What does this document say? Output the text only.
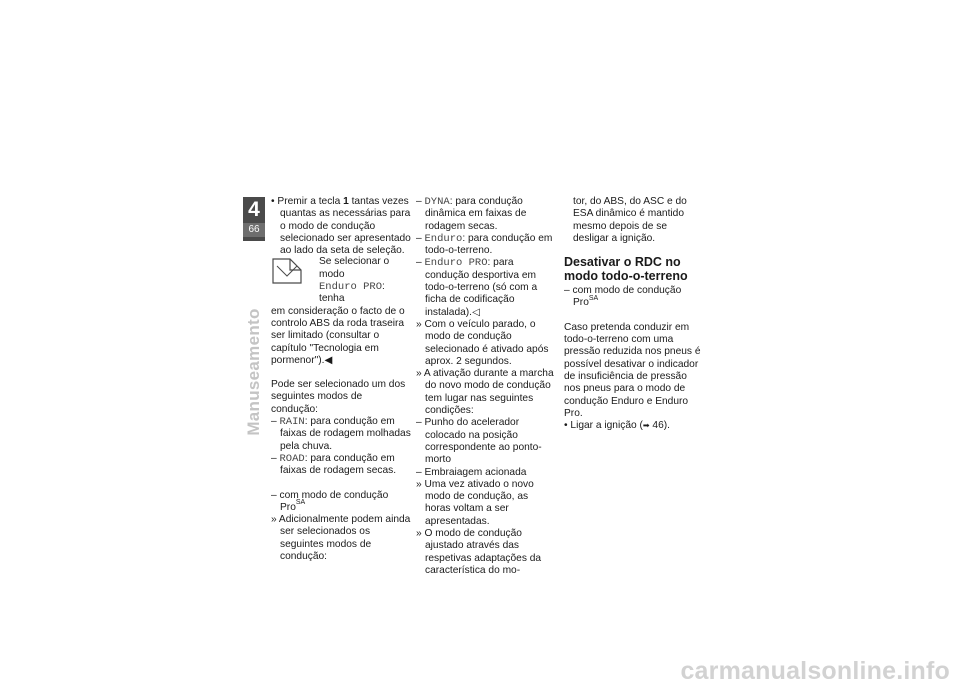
4
66
Manuseamento

• Premir a tecla 1 tantas vezes quantas as necessárias para o modo de condução selecionado ser apresentado ao lado da seta de seleção.

Se selecionar o modo
Enduro PRO: tenha

em consideração o facto de o controlo ABS da roda traseira ser limitado (consultar o capítulo "Tecnologia em pormenor").◀

Pode ser selecionado um dos seguintes modos de condução:

– RAIN: para condução em faixas de rodagem molhadas pela chuva.

– ROAD: para condução em faixas de rodagem secas.

– com modo de condução Pro$^{SA}$

» Adicionalmente podem ainda ser selecionados os seguintes modos de condução:

– DYNA: para condução dinâmica em faixas de rodagem secas.

– Enduro: para condução em todo-o-terreno.

– Enduro PRO: para condução desportiva em todo-o-terreno (só com a ficha de codificação instalada).◁

» Com o veículo parado, o modo de condução selecionado é ativado após aprox. 2 segundos.

» A ativação durante a marcha do novo modo de condução tem lugar nas seguintes condições:

– Punho do acelerador colocado na posição correspondente ao ponto-morto

– Embraiagem acionada

» Uma vez ativado o novo modo de condução, as horas voltam a ser apresentadas.

» O modo de condução ajustado através das respetivas adaptações da característica do mo-

tor, do ABS, do ASC e do ESA dinâmico é mantido mesmo depois de se desligar a ignição.

Desativar o RDC no modo todo-o-terreno

– com modo de condução Pro$^{SA}$

Caso pretenda conduzir em todo-o-terreno com uma pressão reduzida nos pneus é possível desativar o indicador de insuficiência de pressão nos pneus para o modo de condução Enduro e Enduro Pro.

• Ligar a ignição (➡ 46).

carmanualsonline.info
